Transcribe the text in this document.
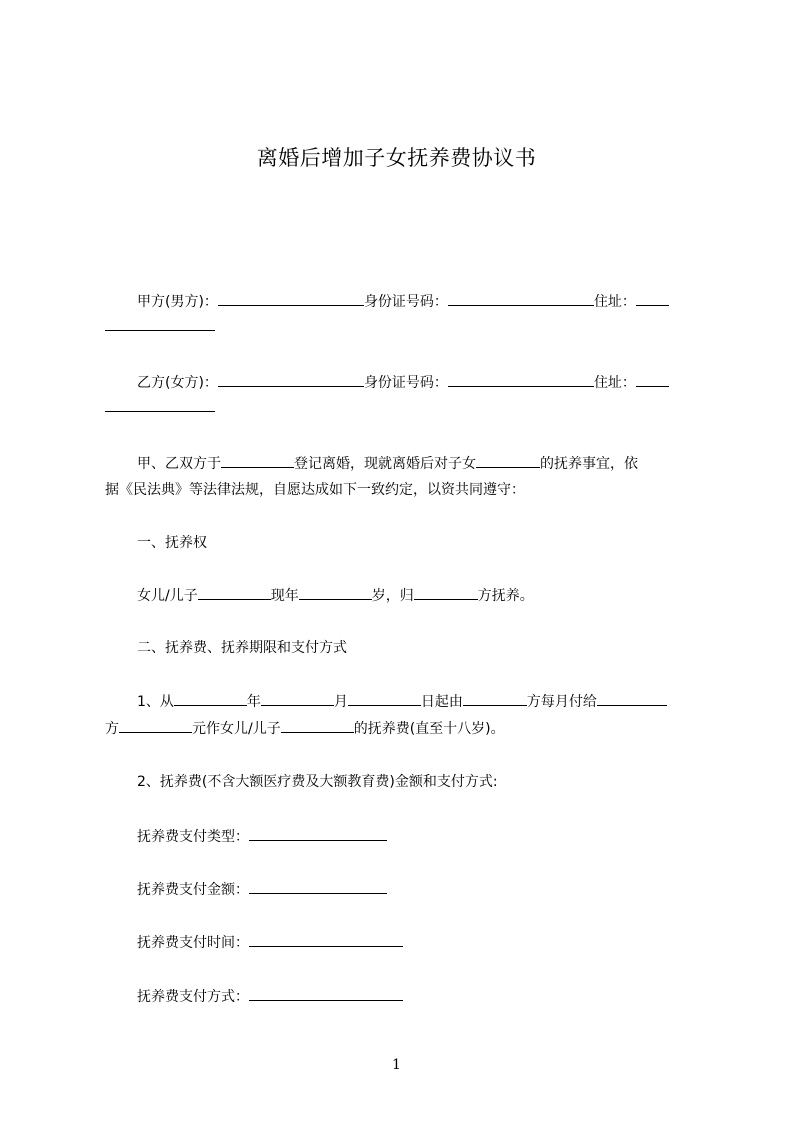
离婚后增加子女抚养费协议书
甲方(男方)：	身份证号码：	住址：
乙方(女方)：	身份证号码：	住址：
甲、乙双方于	登记离婚，现就离婚后对子女	的抚养事宜，依
据《民法典》等法律法规，自愿达成如下一致约定，以资共同遵守：
一、抚养权
女儿/儿子	现年	岁，归	方抚养。
二、抚养费、抚养期限和支付方式
1、从	年	月	日起由	方每月付给
方	元作女儿/儿子	的抚养费(直至十八岁)。
2、抚养费(不含大额医疗费及大额教育费)金额和支付方式:
抚养费支付类型：
抚养费支付金额：
抚养费支付时间：
抚养费支付方式：
1
